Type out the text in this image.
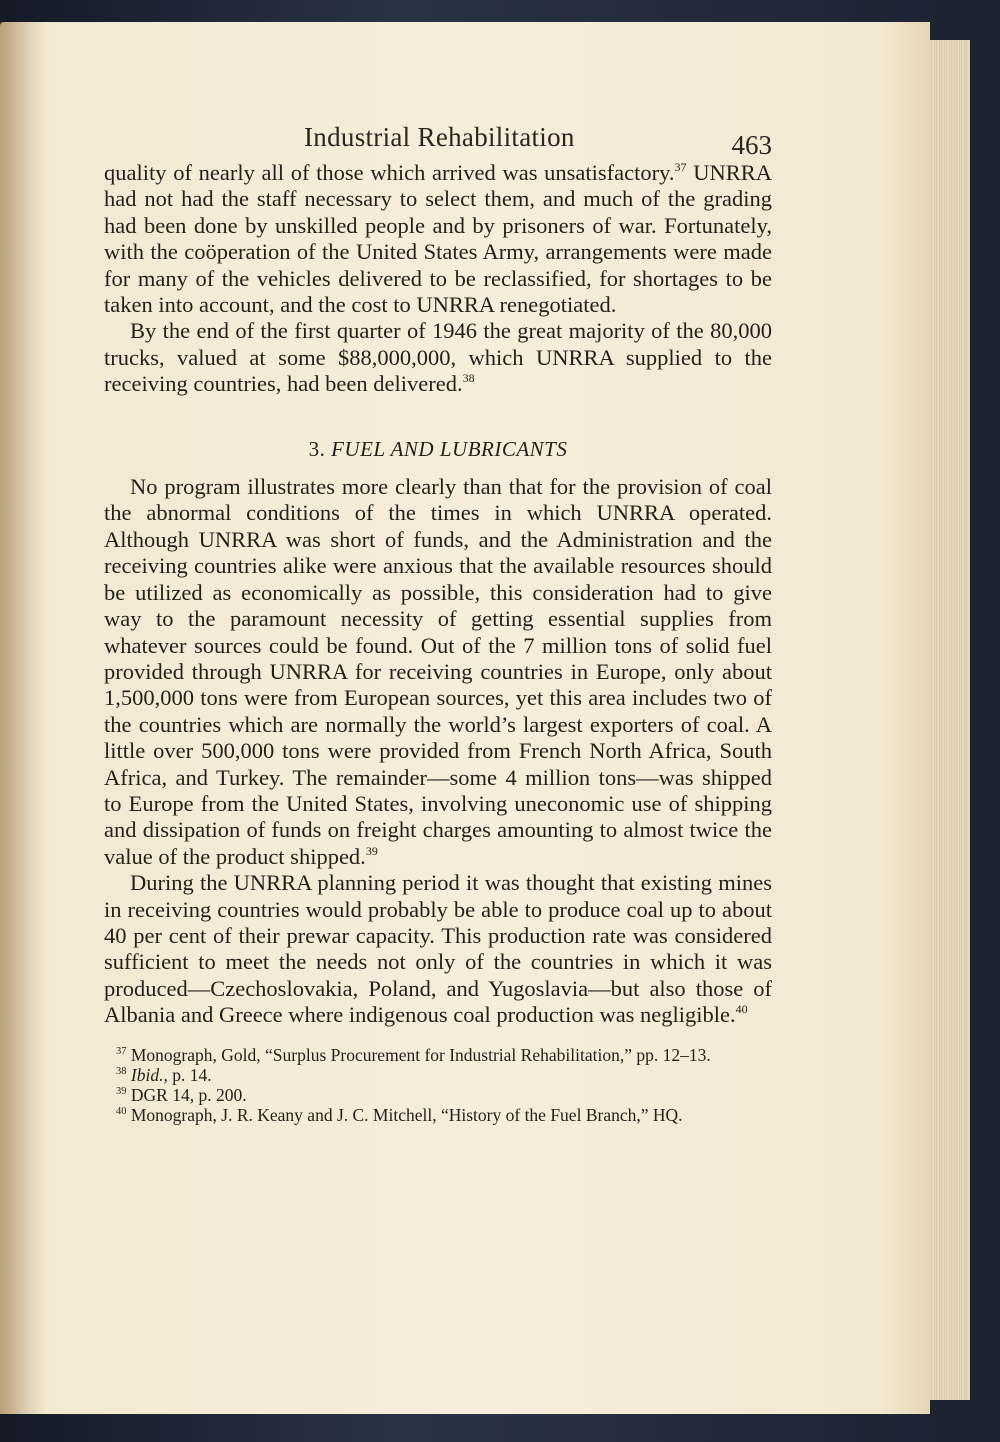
Industrial Rehabilitation	463

quality of nearly all of those which arrived was unsatisfactory.$^{37}$ UNRRA had not had the staff necessary to select them, and much of the grading had been done by unskilled people and by prisoners of war. Fortunately, with the coöperation of the United States Army, arrangements were made for many of the vehicles delivered to be reclassified, for shortages to be taken into account, and the cost to UNRRA renegotiated.

By the end of the first quarter of 1946 the great majority of the 80,000 trucks, valued at some $88,000,000, which UNRRA supplied to the receiving countries, had been delivered.$^{38}$

3. FUEL AND LUBRICANTS

No program illustrates more clearly than that for the provision of coal the abnormal conditions of the times in which UNRRA operated. Although UNRRA was short of funds, and the Administration and the receiving countries alike were anxious that the available resources should be utilized as economically as possible, this consideration had to give way to the paramount necessity of getting essential supplies from whatever sources could be found. Out of the 7 million tons of solid fuel provided through UNRRA for receiving countries in Europe, only about 1,500,000 tons were from European sources, yet this area includes two of the countries which are normally the world’s largest exporters of coal. A little over 500,000 tons were provided from French North Africa, South Africa, and Turkey. The remainder—some 4 million tons—was shipped to Europe from the United States, involving uneconomic use of shipping and dissipation of funds on freight charges amounting to almost twice the value of the product shipped.$^{39}$

During the UNRRA planning period it was thought that existing mines in receiving countries would probably be able to produce coal up to about 40 per cent of their prewar capacity. This production rate was considered sufficient to meet the needs not only of the countries in which it was produced—Czechoslovakia, Poland, and Yugoslavia—but also those of Albania and Greece where indigenous coal production was negligible.$^{40}$

$^{37}$ Monograph, Gold, “Surplus Procurement for Industrial Rehabilitation,” pp. 12–13.
$^{38}$ Ibid., p. 14.
$^{39}$ DGR 14, p. 200.
$^{40}$ Monograph, J. R. Keany and J. C. Mitchell, “History of the Fuel Branch,” HQ.
